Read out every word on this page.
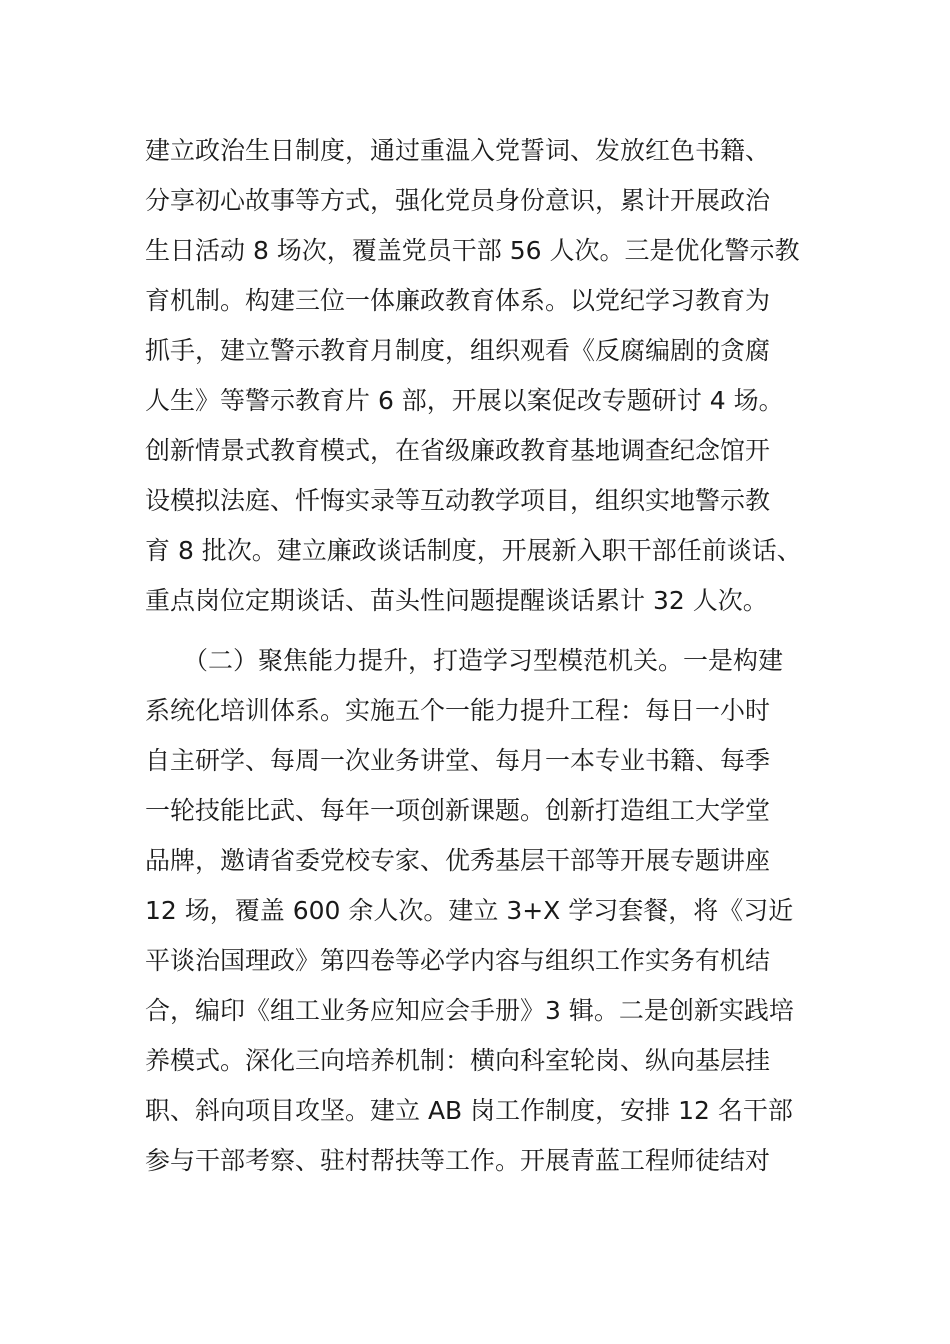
建立政治生日制度，通过重温入党誓词、发放红色书籍、
分享初心故事等方式，强化党员身份意识，累计开展政治
生日活动 8 场次，覆盖党员干部 56 人次。三是优化警示教
育机制。构建三位一体廉政教育体系。以党纪学习教育为
抓手，建立警示教育月制度，组织观看《反腐编剧的贪腐
人生》等警示教育片 6 部，开展以案促改专题研讨 4 场。
创新情景式教育模式，在省级廉政教育基地调查纪念馆开
设模拟法庭、忏悔实录等互动教学项目，组织实地警示教
育 8 批次。建立廉政谈话制度，开展新入职干部任前谈话、
重点岗位定期谈话、苗头性问题提醒谈话累计 32 人次。
（二）聚焦能力提升，打造学习型模范机关。一是构建
系统化培训体系。实施五个一能力提升工程：每日一小时
自主研学、每周一次业务讲堂、每月一本专业书籍、每季
一轮技能比武、每年一项创新课题。创新打造组工大学堂
品牌，邀请省委党校专家、优秀基层干部等开展专题讲座
12 场，覆盖 600 余人次。建立 3+X 学习套餐，将《习近
平谈治国理政》第四卷等必学内容与组织工作实务有机结
合，编印《组工业务应知应会手册》3 辑。二是创新实践培
养模式。深化三向培养机制：横向科室轮岗、纵向基层挂
职、斜向项目攻坚。建立 AB 岗工作制度，安排 12 名干部
参与干部考察、驻村帮扶等工作。开展青蓝工程师徒结对
